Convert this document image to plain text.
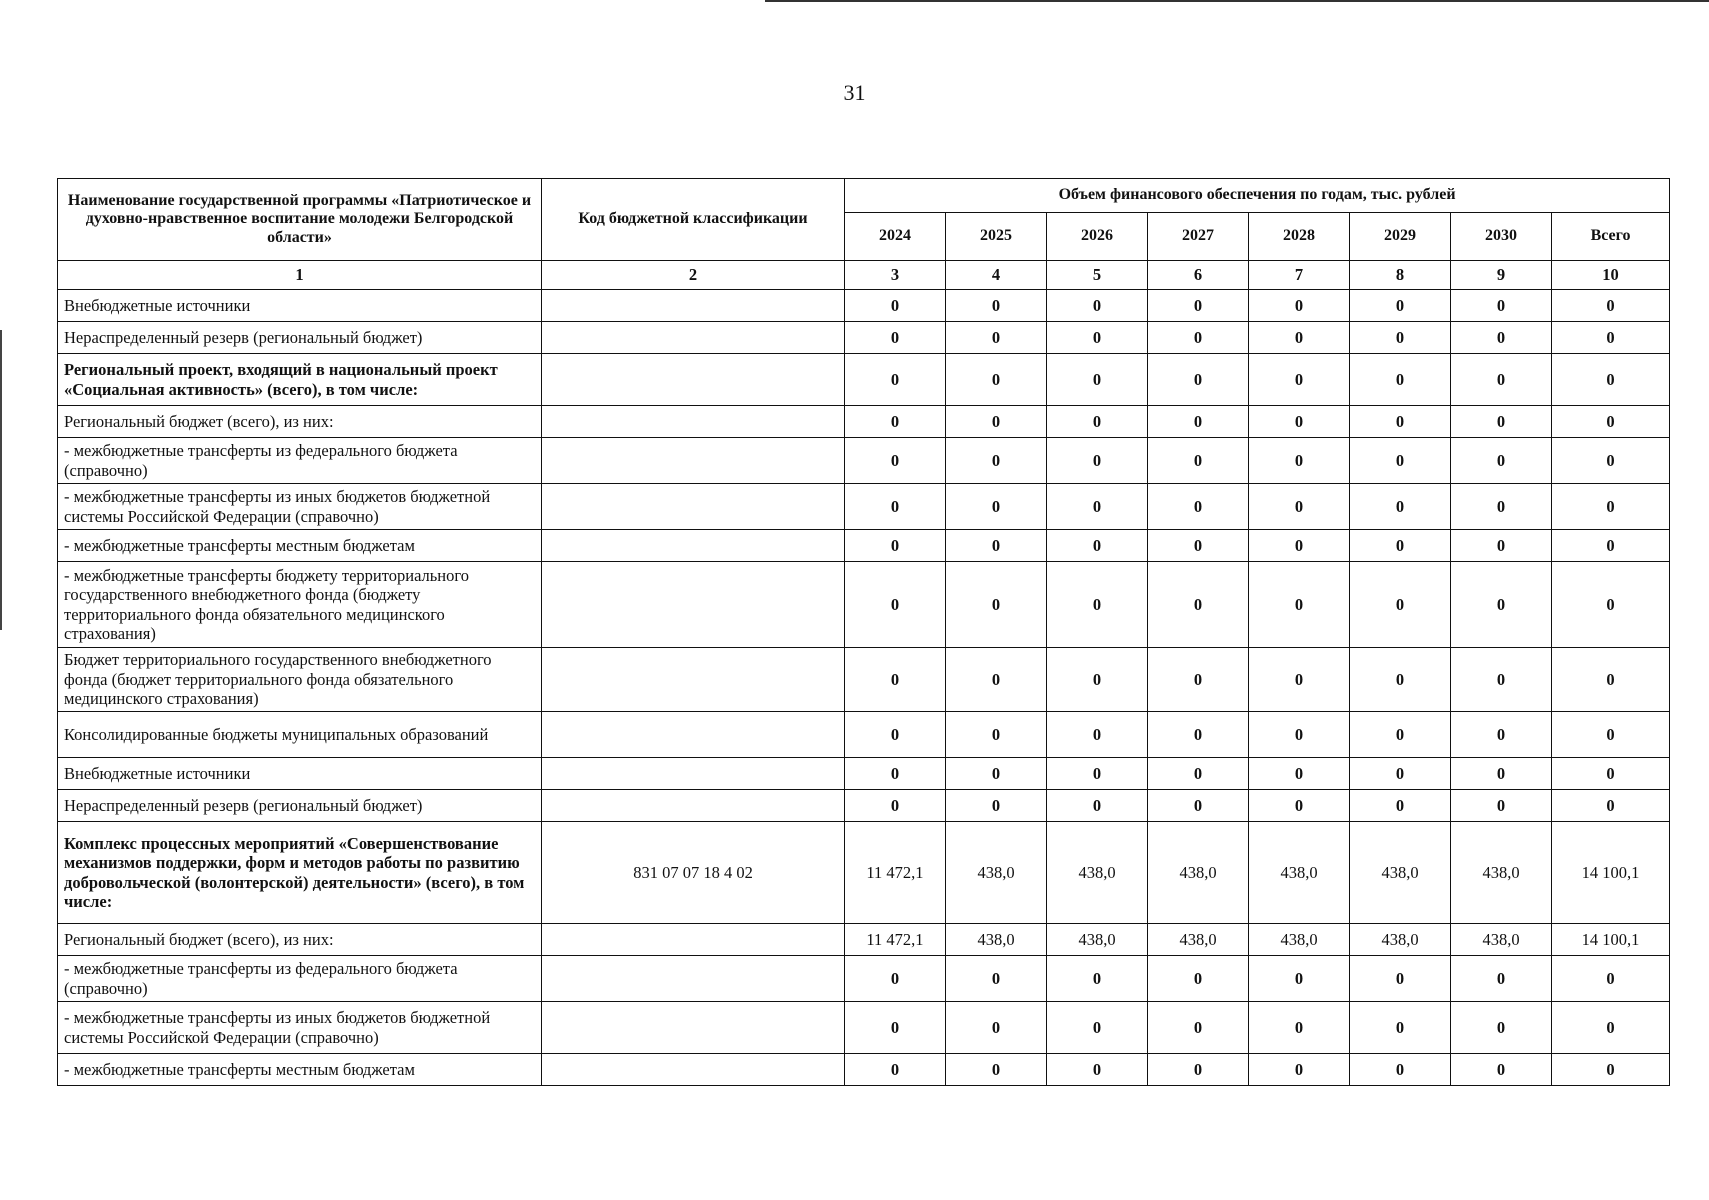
31
Наименование государственной программы «Патриотическое и духовно-нравственное воспитание молодежи Белгородской области»	Код бюджетной классификации	Объем финансового обеспечения по годам, тыс. рублей							
		2024	2025	2026	2027	2028	2029	2030	Всего
1	2	3	4	5	6	7	8	9	10
Внебюджетные источники		0	0	0	0	0	0	0	0
Нераспределенный резерв (региональный бюджет)		0	0	0	0	0	0	0	0
Региональный проект, входящий в национальный проект «Социальная активность» (всего), в том числе:		0	0	0	0	0	0	0	0
Региональный бюджет (всего), из них:		0	0	0	0	0	0	0	0
- межбюджетные трансферты из федерального бюджета (справочно)		0	0	0	0	0	0	0	0
- межбюджетные трансферты из иных бюджетов бюджетной системы Российской Федерации (справочно)		0	0	0	0	0	0	0	0
- межбюджетные трансферты местным бюджетам		0	0	0	0	0	0	0	0
- межбюджетные трансферты бюджету территориального государственного внебюджетного фонда (бюджету территориального фонда обязательного медицинского страхования)		0	0	0	0	0	0	0	0
Бюджет территориального государственного внебюджетного фонда (бюджет территориального фонда обязательного медицинского страхования)		0	0	0	0	0	0	0	0
Консолидированные бюджеты муниципальных образований		0	0	0	0	0	0	0	0
Внебюджетные источники		0	0	0	0	0	0	0	0
Нераспределенный резерв (региональный бюджет)		0	0	0	0	0	0	0	0
Комплекс процессных мероприятий «Совершенствование механизмов поддержки, форм и методов работы по развитию добровольческой (волонтерской) деятельности» (всего), в том числе:	831 07 07 18 4 02	11 472,1	438,0	438,0	438,0	438,0	438,0	438,0	14 100,1
Региональный бюджет (всего), из них:		11 472,1	438,0	438,0	438,0	438,0	438,0	438,0	14 100,1
- межбюджетные трансферты из федерального бюджета (справочно)		0	0	0	0	0	0	0	0
- межбюджетные трансферты из иных бюджетов бюджетной системы Российской Федерации (справочно)		0	0	0	0	0	0	0	0
- межбюджетные трансферты местным бюджетам		0	0	0	0	0	0	0	0
